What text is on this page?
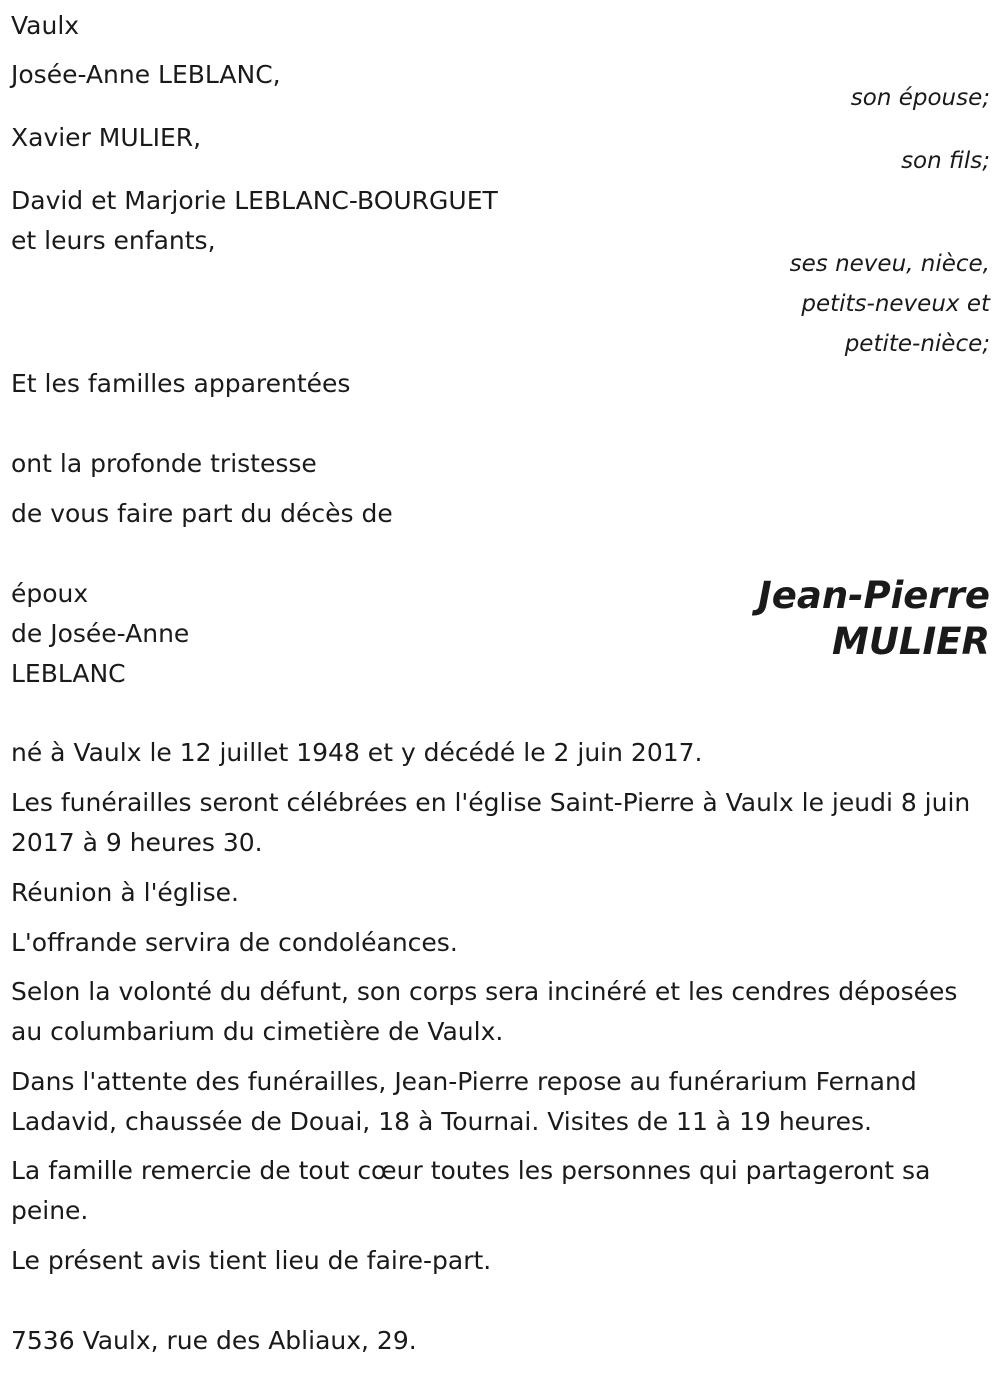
Vaulx

Josée-Anne LEBLANC,

son épouse;

Xavier MULIER,

son fils;

David et Marjorie LEBLANC-BOURGUET

et leurs enfants,

ses neveu, nièce,

petits-neveux et

petite-nièce;

Et les familles apparentées

ont la profonde tristesse

de vous faire part du décès de

époux

de Josée-Anne

LEBLANC

Jean-Pierre
MULIER

né à Vaulx le 12 juillet 1948 et y décédé le 2 juin 2017.

Les funérailles seront célébrées en l'église Saint-Pierre à Vaulx le jeudi 8 juin 2017 à 9 heures 30.

Réunion à l'église.

L'offrande servira de condoléances.

Selon la volonté du défunt, son corps sera incinéré et les cendres déposées au columbarium du cimetière de Vaulx.

Dans l'attente des funérailles, Jean-Pierre repose au funérarium Fernand Ladavid, chaussée de Douai, 18 à Tournai. Visites de 11 à 19 heures.

La famille remercie de tout cœur toutes les personnes qui partageront sa peine.

Le présent avis tient lieu de faire-part.

7536 Vaulx, rue des Abliaux, 29.
